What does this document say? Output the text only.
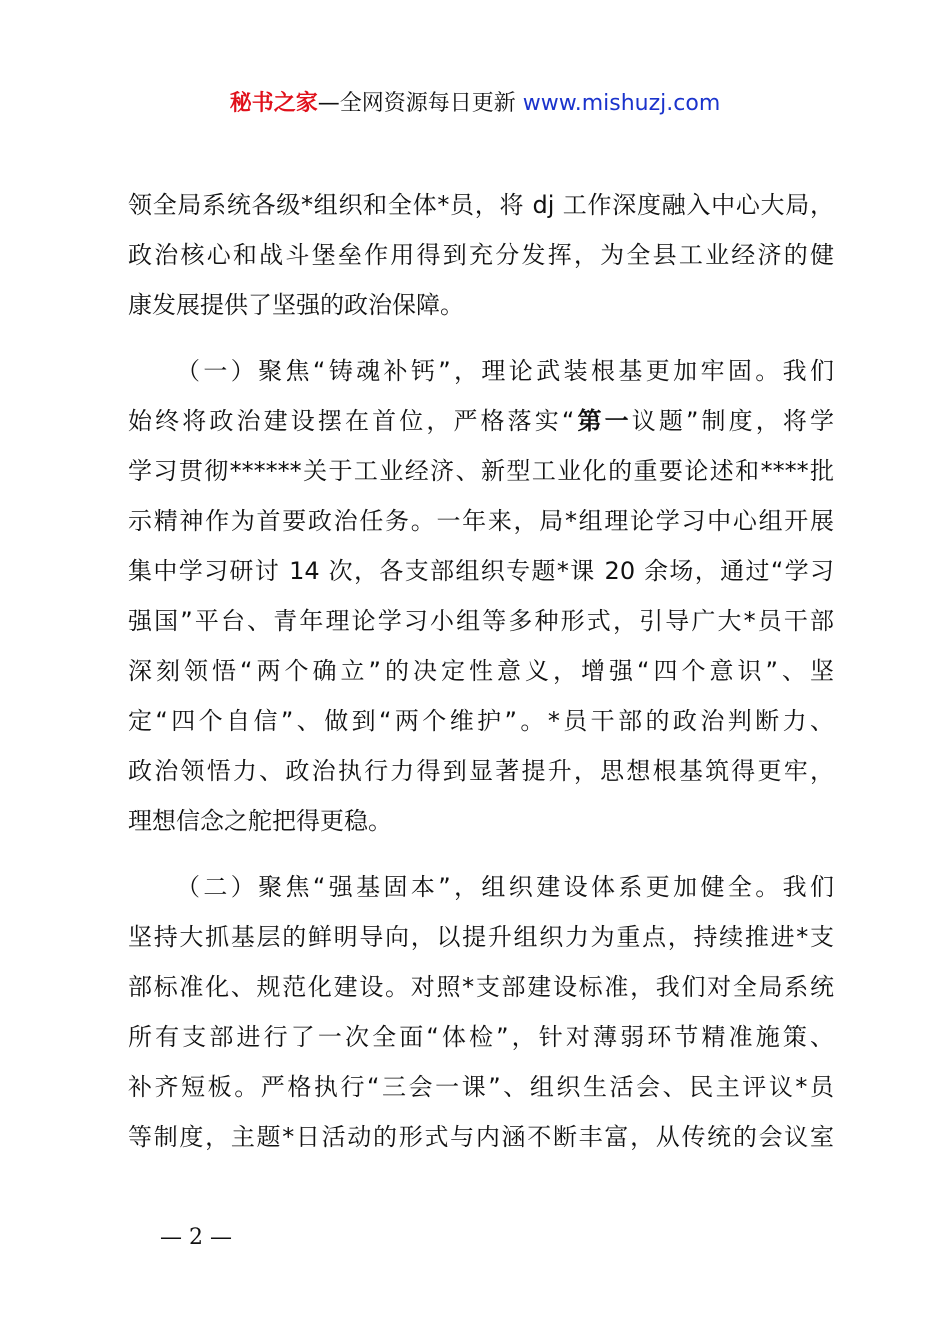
秘书之家—全网资源每日更新 www.mishuzj.com
领全局系统各级*组织和全体*员，将 dj 工作深度融入中心大局，
政治核心和战斗堡垒作用得到充分发挥，为全县工业经济的健
康发展提供了坚强的政治保障。
（一）聚焦“铸魂补钙”，理论武装根基更加牢固。我们
始终将政治建设摆在首位，严格落实“第一议题”制度，将学
学习贯彻******关于工业经济、新型工业化的重要论述和****批
示精神作为首要政治任务。一年来，局*组理论学习中心组开展
集中学习研讨 14 次，各支部组织专题*课 20 余场，通过“学习
强国”平台、青年理论学习小组等多种形式，引导广大*员干部
深刻领悟“两个确立”的决定性意义，增强“四个意识”、坚
定“四个自信”、做到“两个维护”。*员干部的政治判断力、
政治领悟力、政治执行力得到显著提升，思想根基筑得更牢，
理想信念之舵把得更稳。
（二）聚焦“强基固本”，组织建设体系更加健全。我们
坚持大抓基层的鲜明导向，以提升组织力为重点，持续推进*支
部标准化、规范化建设。对照*支部建设标准，我们对全局系统
所有支部进行了一次全面“体检”，针对薄弱环节精准施策、
补齐短板。严格执行“三会一课”、组织生活会、民主评议*员
等制度，主题*日活动的形式与内涵不断丰富，从传统的会议室
— 2 —
